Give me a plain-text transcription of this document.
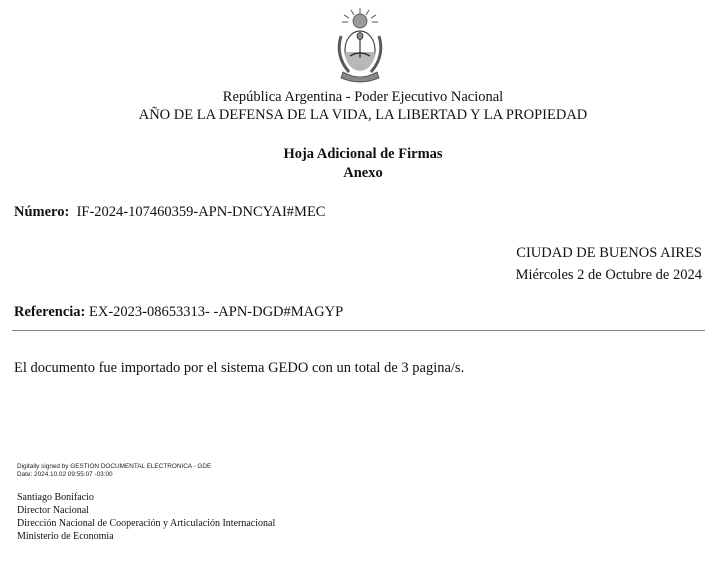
República Argentina - Poder Ejecutivo Nacional
AÑO DE LA DEFENSA DE LA VIDA, LA LIBERTAD Y LA PROPIEDAD
Hoja Adicional de Firmas
Anexo
Número: IF-2024-107460359-APN-DNCYAI#MEC
CIUDAD DE BUENOS AIRES
Miércoles 2 de Octubre de 2024
Referencia: EX-2023-08653313- -APN-DGD#MAGYP
El documento fue importado por el sistema GEDO con un total de 3 pagina/s.
Digitally signed by GESTION DOCUMENTAL ELECTRONICA - GDE
Date: 2024.10.02 09:55:07 -03:00
Santiago Bonifacio
Director Nacional
Dirección Nacional de Cooperación y Articulación Internacional
Ministerio de Economía
